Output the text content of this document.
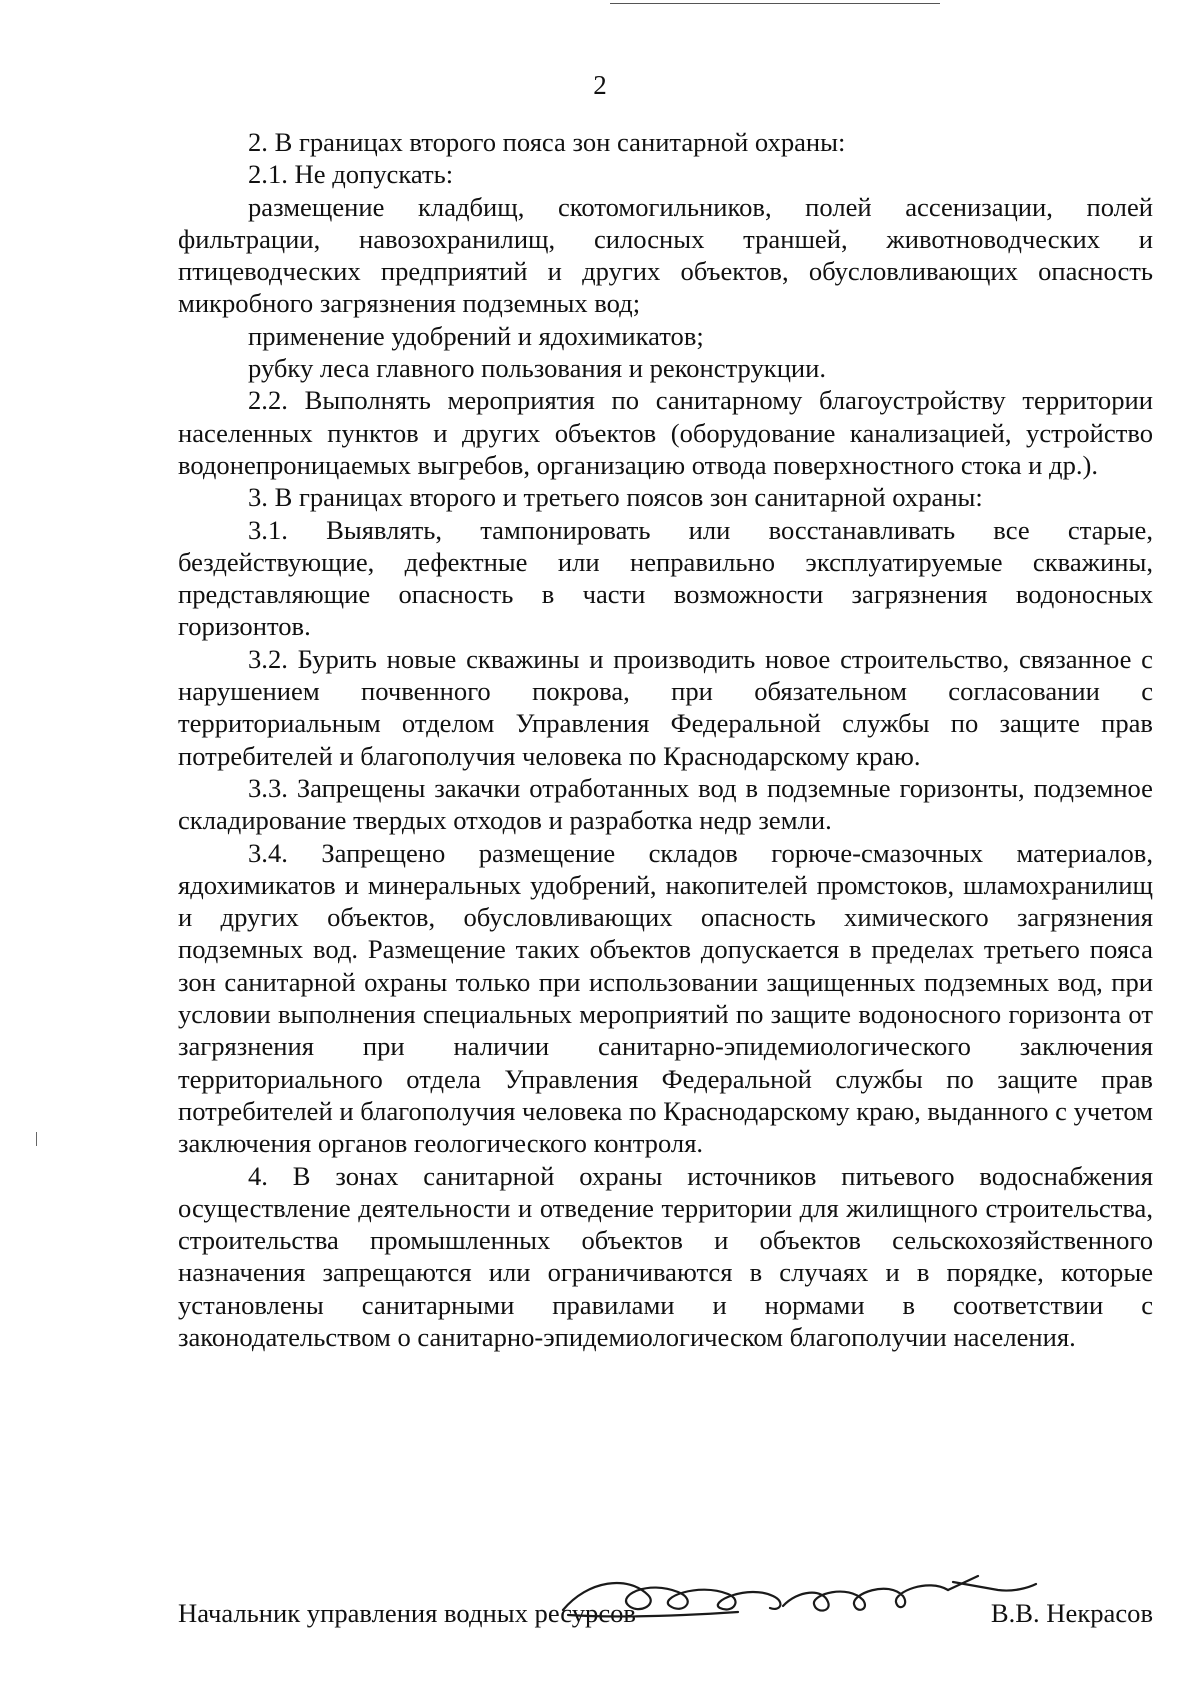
2

2. В границах второго пояса зон санитарной охраны:

2.1. Не допускать:

размещение кладбищ, скотомогильников, полей ассенизации, полей фильтрации, навозохранилищ, силосных траншей, животноводческих и птицеводческих предприятий и других объектов, обусловливающих опасность микробного загрязнения подземных вод;

применение удобрений и ядохимикатов;

рубку леса главного пользования и реконструкции.

2.2. Выполнять мероприятия по санитарному благоустройству территории населенных пунктов и других объектов (оборудование канализацией, устройство водонепроницаемых выгребов, организацию отвода поверхностного стока и др.).

3. В границах второго и третьего поясов зон санитарной охраны:

3.1. Выявлять, тампонировать или восстанавливать все старые, бездействующие, дефектные или неправильно эксплуатируемые скважины, представляющие опасность в части возможности загрязнения водоносных горизонтов.

3.2. Бурить новые скважины и производить новое строительство, связанное с нарушением почвенного покрова, при обязательном согласовании с территориальным отделом Управления Федеральной службы по защите прав потребителей и благополучия человека по Краснодарскому краю.

3.3. Запрещены закачки отработанных вод в подземные горизонты, подземное складирование твердых отходов и разработка недр земли.

3.4. Запрещено размещение складов горюче-смазочных материалов, ядохимикатов и минеральных удобрений, накопителей промстоков, шламохранилищ и других объектов, обусловливающих опасность химического загрязнения подземных вод. Размещение таких объектов допускается в пределах третьего пояса зон санитарной охраны только при использовании защищенных подземных вод, при условии выполнения специальных мероприятий по защите водоносного горизонта от загрязнения при наличии санитарно-эпидемиологического заключения территориального отдела Управления Федеральной службы по защите прав потребителей и благополучия человека по Краснодарскому краю, выданного с учетом заключения органов геологического контроля.

4. В зонах санитарной охраны источников питьевого водоснабжения осуществление деятельности и отведение территории для жилищного строительства, строительства промышленных объектов и объектов сельскохозяйственного назначения запрещаются или ограничиваются в случаях и в порядке, которые установлены санитарными правилами и нормами в соответствии с законодательством о санитарно-эпидемиологическом благополучии населения.

Начальник управления водных ресурсов	В.В. Некрасов
